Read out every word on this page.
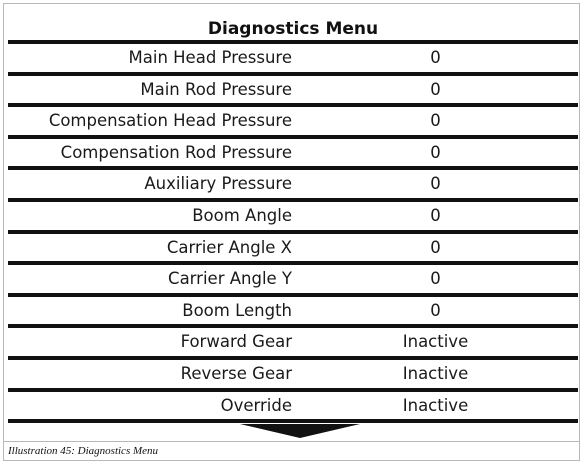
Diagnostics Menu
Main Head Pressure	0
Main Rod Pressure	0
Compensation Head Pressure	0
Compensation Rod Pressure	0
Auxiliary Pressure	0
Boom Angle	0
Carrier Angle X	0
Carrier Angle Y	0
Boom Length	0
Forward Gear	Inactive
Reverse Gear	Inactive
Override	Inactive
Illustration 45: Diagnostics Menu
